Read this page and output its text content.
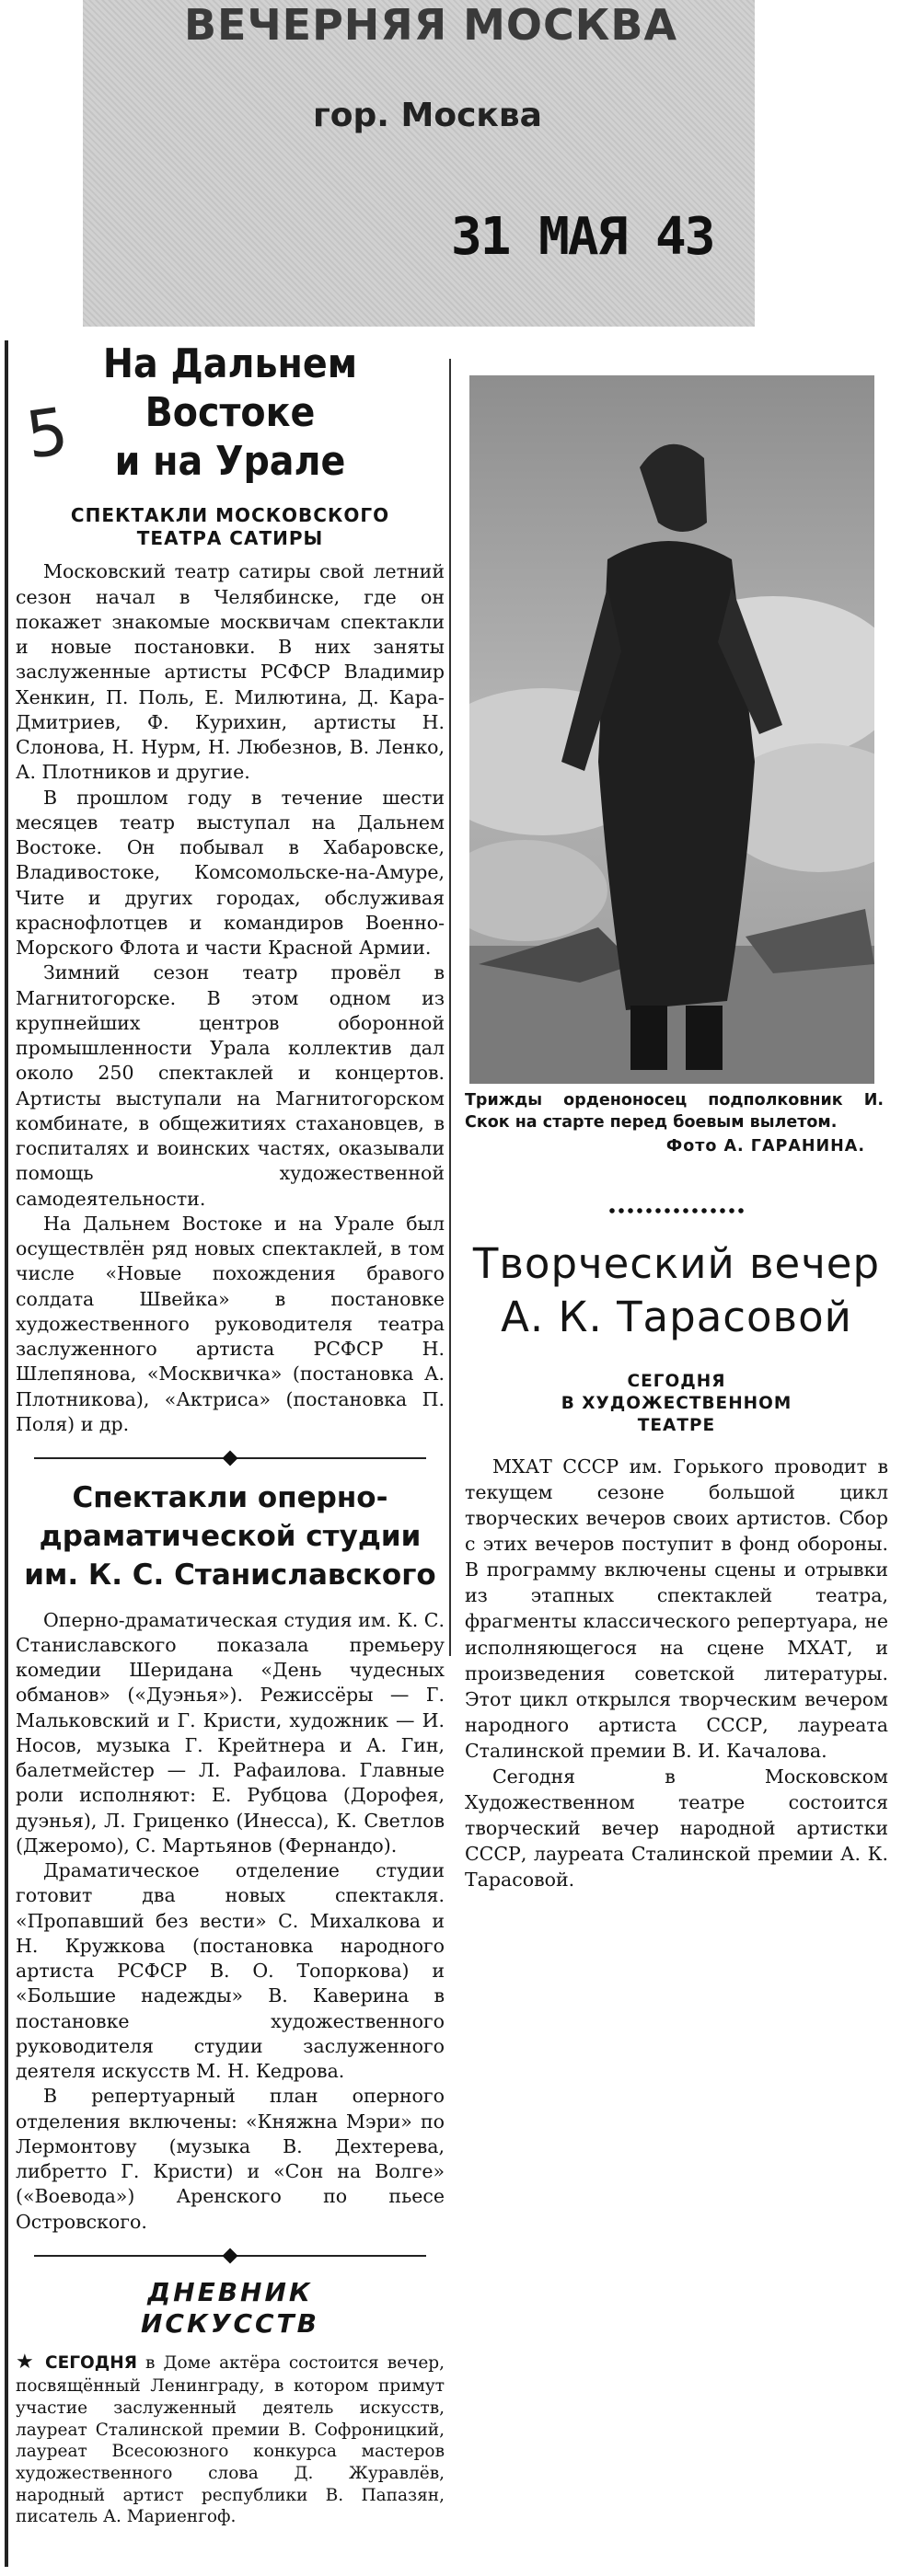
ВЕЧЕРНЯЯ МОСКВА
гор. Москва
31 МАЯ 43
5
На Дальнем Востоке
и на Урале
СПЕКТАКЛИ МОСКОВСКОГО
ТЕАТРА САТИРЫ

Московский театр сатиры свой летний сезон начал в Челябинске, где он покажет знакомые москвичам спектакли и новые постановки. В них заняты заслуженные артисты РСФСР Владимир Хенкин, П. Поль, Е. Милютина, Д. Кара-Дмитриев, Ф. Курихин, артисты Н. Слонова, Н. Нурм, Н. Любезнов, В. Ленко, А. Плотников и другие.

В прошлом году в течение шести месяцев театр выступал на Дальнем Востоке. Он побывал в Хабаровске, Владивостоке, Комсомольске-на-Амуре, Чите и других городах, обслуживая краснофлотцев и командиров Военно-Морского Флота и части Красной Армии.

Зимний сезон театр провёл в Магнитогорске. В этом одном из крупнейших центров оборонной промышленности Урала коллектив дал около 250 спектаклей и концертов. Артисты выступали на Магнитогорском комбинате, в общежитиях стахановцев, в госпиталях и воинских частях, оказывали помощь художественной самодеятельности.

На Дальнем Востоке и на Урале был осуществлён ряд новых спектаклей, в том числе «Новые похождения бравого солдата Швейка» в постановке художественного руководителя театра заслуженного артиста РСФСР Н. Шлепянова, «Москвичка» (постановка А. Плотникова), «Актриса» (постановка П. Поля) и др.

Спектакли оперно-
драматической студии
им. К. С. Станиславского

Оперно-драматическая студия им. К. С. Станиславского показала премьеру комедии Шеридана «День чудесных обманов» («Дуэнья»). Режиссёры — Г. Мальковский и Г. Кристи, художник — И. Носов, музыка Г. Крейтнера и А. Гин, балетмейстер — Л. Рафаилова. Главные роли исполняют: Е. Рубцова (Дорофея, дуэнья), Л. Гриценко (Инесса), К. Светлов (Джеромо), С. Мартьянов (Фернандо).

Драматическое отделение студии готовит два новых спектакля. «Пропавший без вести» С. Михалкова и Н. Кружкова (постановка народного артиста РСФСР В. О. Топоркова) и «Большие надежды» В. Каверина в постановке художественного руководителя студии заслуженного деятеля искусств М. Н. Кедрова.

В репертуарный план оперного отделения включены: «Княжна Мэри» по Лермонтову (музыка В. Дехтерева, либретто Г. Кристи) и «Сон на Волге» («Воевода») Аренского по пьесе Островского.

ДНЕВНИК
ИСКУССТВ

★ СЕГОДНЯ в Доме актёра состоится вечер, посвящённый Ленинграду, в котором примут участие заслуженный деятель искусств, лауреат Сталинской премии В. Софроницкий, лауреат Всесоюзного конкурса мастеров художественного слова Д. Журавлёв, народный артист республики В. Папазян, писатель А. Мариенгоф.

Трижды орденоносец подполковник И. Скок на старте перед боевым вылетом.
Фото А. ГАРАНИНА.
Творческий вечер
А. К. Тарасовой
СЕГОДНЯ
В ХУДОЖЕСТВЕННОМ
ТЕАТРЕ

МХАТ СССР им. Горького проводит в текущем сезоне большой цикл творческих вечеров своих артистов. Сбор с этих вечеров поступит в фонд обороны. В программу включены сцены и отрывки из этапных спектаклей театра, фрагменты классического репертуара, не исполняющегося на сцене МХАТ, и произведения советской литературы. Этот цикл открылся творческим вечером народного артиста СССР, лауреата Сталинской премии В. И. Качалова.

Сегодня в Московском Художественном театре состоится творческий вечер народной артистки СССР, лауреата Сталинской премии А. К. Тарасовой.
